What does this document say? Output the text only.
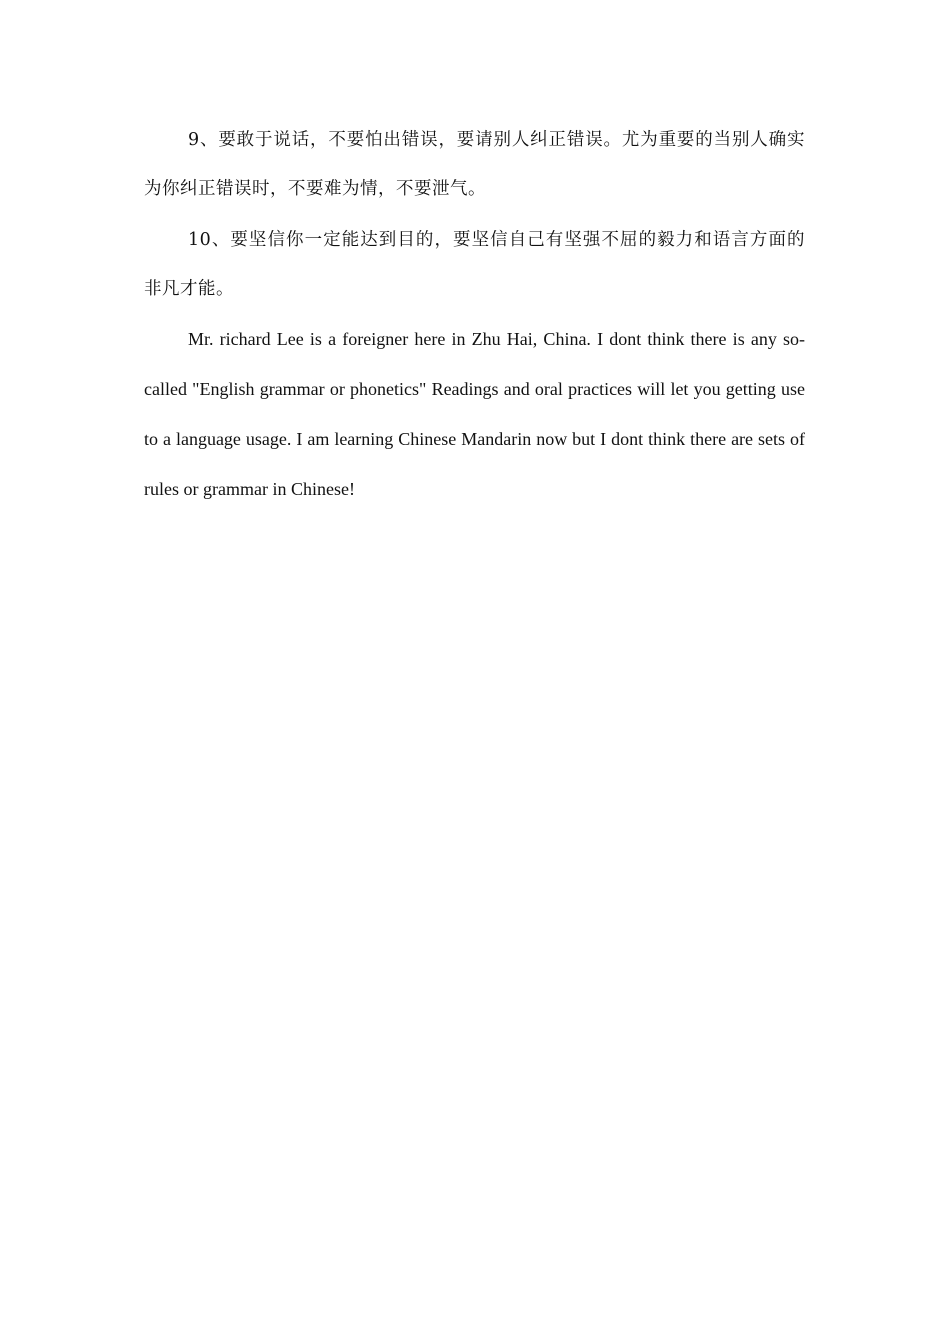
9、要敢于说话，不要怕出错误，要请别人纠正错误。尤为重要的当别人确实为你纠正错误时，不要难为情，不要泄气。

10、要坚信你一定能达到目的，要坚信自己有坚强不屈的毅力和语言方面的非凡才能。

Mr. richard Lee is a foreigner here in Zhu Hai, China. I dont think there is any so-called "English grammar or phonetics" Readings and oral practices will let you getting use to a language usage. I am learning Chinese Mandarin now but I dont think there are sets of rules or grammar in Chinese!
